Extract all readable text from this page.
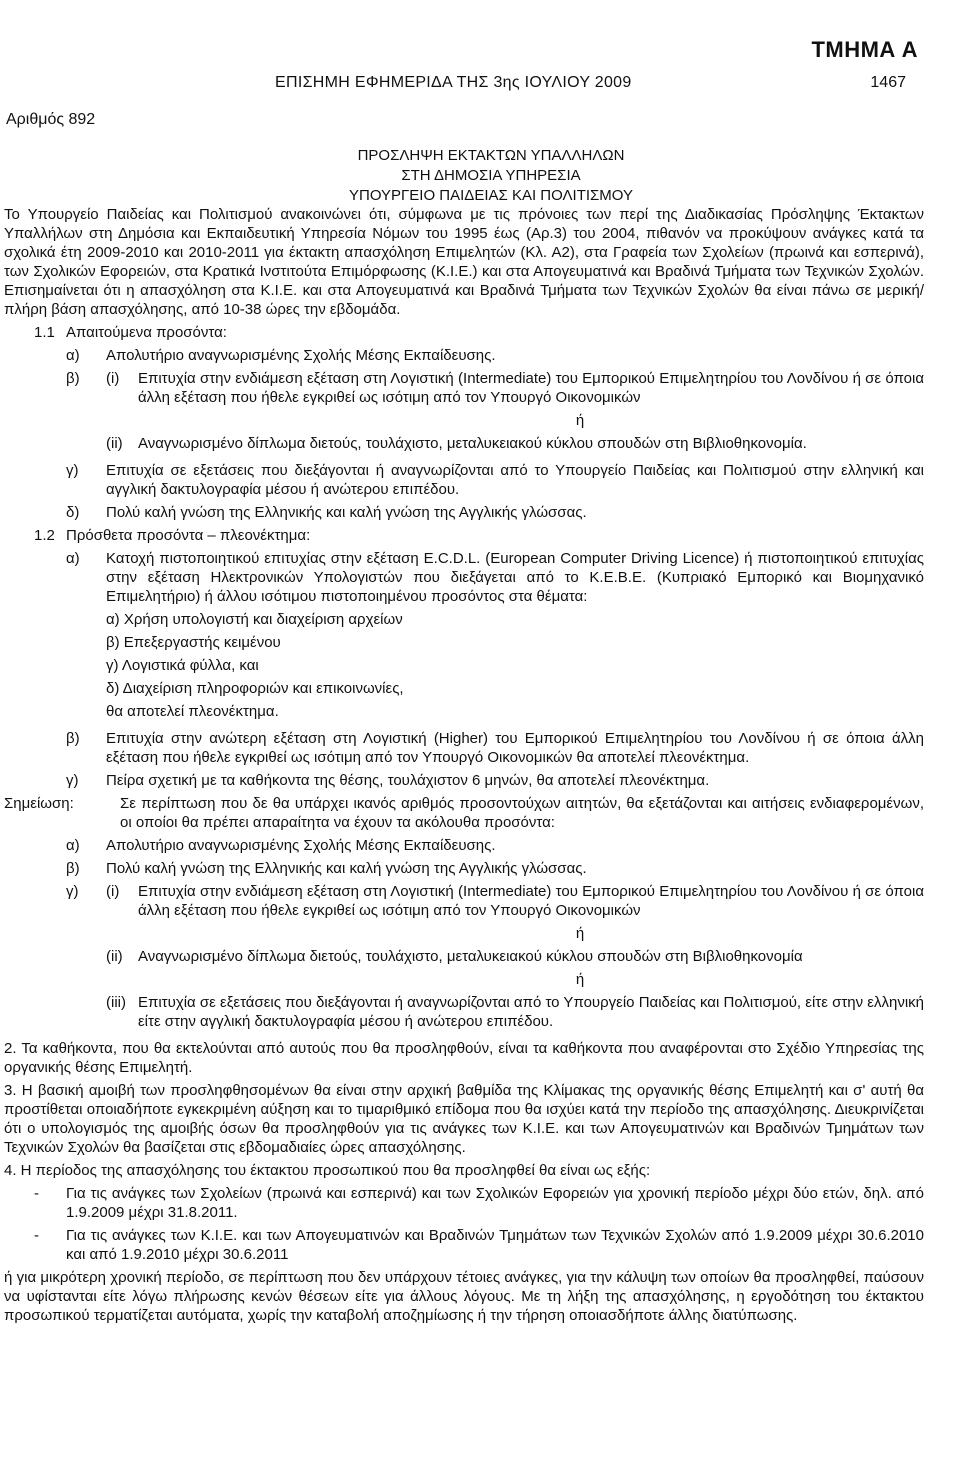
ΤΜΗΜΑ Α
ΕΠΙΣΗΜΗ ΕΦΗΜΕΡΙΔΑ ΤΗΣ 3ης ΙΟΥΛΙΟΥ 2009	1467
Αριθμός 892
ΠΡΟΣΛΗΨΗ ΕΚΤΑΚΤΩΝ ΥΠΑΛΛΗΛΩΝ
ΣΤΗ ΔΗΜΟΣΙΑ ΥΠΗΡΕΣΙΑ
ΥΠΟΥΡΓΕΙΟ ΠΑΙΔΕΙΑΣ ΚΑΙ ΠΟΛΙΤΙΣΜΟΥ

Το Υπουργείο Παιδείας και Πολιτισμού ανακοινώνει ότι, σύμφωνα με τις πρόνοιες των περί της Διαδικασίας Πρόσληψης Έκτακτων Υπαλλήλων στη Δημόσια και Εκπαιδευτική Υπηρεσία Νόμων του 1995 έως (Αρ.3) του 2004, πιθανόν να προκύψουν ανάγκες κατά τα σχολικά έτη 2009-2010 και 2010-2011 για έκτακτη απασχόληση Επιμελητών (Κλ. Α2), στα Γραφεία των Σχολείων (πρωινά και εσπερινά), των Σχολικών Εφορειών, στα Κρατικά Ινστιτούτα Επιμόρφωσης (Κ.Ι.Ε.) και στα Απογευματινά και Βραδινά Τμήματα των Τεχνικών Σχολών. Επισημαίνεται ότι η απασχόληση στα Κ.Ι.Ε. και στα Απογευματινά και Βραδινά Τμήματα των Τεχνικών Σχολών θα είναι πάνω σε μερική/πλήρη βάση απασχόλησης, από 10-38 ώρες την εβδομάδα.

1.1 Απαιτούμενα προσόντα:
α)	Απολυτήριο αναγνωρισμένης Σχολής Μέσης Εκπαίδευσης.
β)	(i)	Επιτυχία στην ενδιάμεση εξέταση στη Λογιστική (Intermediate) του Εμπορικού Επιμελητηρίου του Λονδίνου ή σε όποια άλλη εξέταση που ήθελε εγκριθεί ως ισότιμη από τον Υπουργό Οικονομικών
ή
(ii)	Αναγνωρισμένο δίπλωμα διετούς, τουλάχιστο, μεταλυκειακού κύκλου σπουδών στη Βιβλιοθηκονομία.
γ)	Επιτυχία σε εξετάσεις που διεξάγονται ή αναγνωρίζονται από το Υπουργείο Παιδείας και Πολιτισμού στην ελληνική και αγγλική δακτυλογραφία μέσου ή ανώτερου επιπέδου.
δ)	Πολύ καλή γνώση της Ελληνικής και καλή γνώση της Αγγλικής γλώσσας.
1.2 Πρόσθετα προσόντα – πλεονέκτημα:
α)	Κατοχή πιστοποιητικού επιτυχίας στην εξέταση E.C.D.L. (European Computer Driving Licence) ή πιστοποιητικού επιτυχίας στην εξέταση Ηλεκτρονικών Υπολογιστών που διεξάγεται από το Κ.Ε.Β.Ε. (Κυπριακό Εμπορικό και Βιομηχανικό Επιμελητήριο) ή άλλου ισότιμου πιστοποιημένου προσόντος στα θέματα:
α) Χρήση υπολογιστή και διαχείριση αρχείων
β) Επεξεργαστής κειμένου
γ) Λογιστικά φύλλα, και
δ) Διαχείριση πληροφοριών και επικοινωνίες,
θα αποτελεί πλεονέκτημα.
β)	Επιτυχία στην ανώτερη εξέταση στη Λογιστική (Higher) του Εμπορικού Επιμελητηρίου του Λονδίνου ή σε όποια άλλη εξέταση που ήθελε εγκριθεί ως ισότιμη από τον Υπουργό Οικονομικών θα αποτελεί πλεονέκτημα.
γ)	Πείρα σχετική με τα καθήκοντα της θέσης, τουλάχιστον 6 μηνών, θα αποτελεί πλεονέκτημα.
Σημείωση:	Σε περίπτωση που δε θα υπάρχει ικανός αριθμός προσοντούχων αιτητών, θα εξετάζονται και αιτήσεις ενδιαφερομένων, οι οποίοι θα πρέπει απαραίτητα να έχουν τα ακόλουθα προσόντα:
α)	Απολυτήριο αναγνωρισμένης Σχολής Μέσης Εκπαίδευσης.
β)	Πολύ καλή γνώση της Ελληνικής και καλή γνώση της Αγγλικής γλώσσας.
γ)	(i)	Επιτυχία στην ενδιάμεση εξέταση στη Λογιστική (Intermediate) του Εμπορικού Επιμελητηρίου του Λονδίνου ή σε όποια άλλη εξέταση που ήθελε εγκριθεί ως ισότιμη από τον Υπουργό Οικονομικών
ή
(ii)	Αναγνωρισμένο δίπλωμα διετούς, τουλάχιστο, μεταλυκειακού κύκλου σπουδών στη Βιβλιοθηκονομία
ή
(iii) Επιτυχία σε εξετάσεις που διεξάγονται ή αναγνωρίζονται από το Υπουργείο Παιδείας και Πολιτισμού, είτε στην ελληνική είτε στην αγγλική δακτυλογραφία μέσου ή ανώτερου επιπέδου.

2. Τα καθήκοντα, που θα εκτελούνται από αυτούς που θα προσληφθούν, είναι τα καθήκοντα που αναφέρονται στο Σχέδιο Υπηρεσίας της οργανικής θέσης Επιμελητή.

3. Η βασική αμοιβή των προσληφθησομένων θα είναι στην αρχική βαθμίδα της Κλίμακας της οργανικής θέσης Επιμελητή και σ' αυτή θα προστίθεται οποιαδήποτε εγκεκριμένη αύξηση και το τιμαριθμικό επίδομα που θα ισχύει κατά την περίοδο της απασχόλησης. Διευκρινίζεται ότι ο υπολογισμός της αμοιβής όσων θα προσληφθούν για τις ανάγκες των Κ.Ι.Ε. και των Απογευματινών και Βραδινών Τμημάτων των Τεχνικών Σχολών θα βασίζεται στις εβδομαδιαίες ώρες απασχόλησης.

4. Η περίοδος της απασχόλησης του έκτακτου προσωπικού που θα προσληφθεί θα είναι ως εξής:

-	Για τις ανάγκες των Σχολείων (πρωινά και εσπερινά) και των Σχολικών Εφορειών για χρονική περίοδο μέχρι δύο ετών, δηλ. από 1.9.2009 μέχρι 31.8.2011.
-	Για τις ανάγκες των Κ.Ι.Ε. και των Απογευματινών και Βραδινών Τμημάτων των Τεχνικών Σχολών από 1.9.2009 μέχρι 30.6.2010 και από 1.9.2010 μέχρι 30.6.2011

ή για μικρότερη χρονική περίοδο, σε περίπτωση που δεν υπάρχουν τέτοιες ανάγκες, για την κάλυψη των οποίων θα προσληφθεί, παύσουν να υφίστανται είτε λόγω πλήρωσης κενών θέσεων είτε για άλλους λόγους. Με τη λήξη της απασχόλησης, η εργοδότηση του έκτακτου προσωπικού τερματίζεται αυτόματα, χωρίς την καταβολή αποζημίωσης ή την τήρηση οποιασδήποτε άλλης διατύπωσης.
